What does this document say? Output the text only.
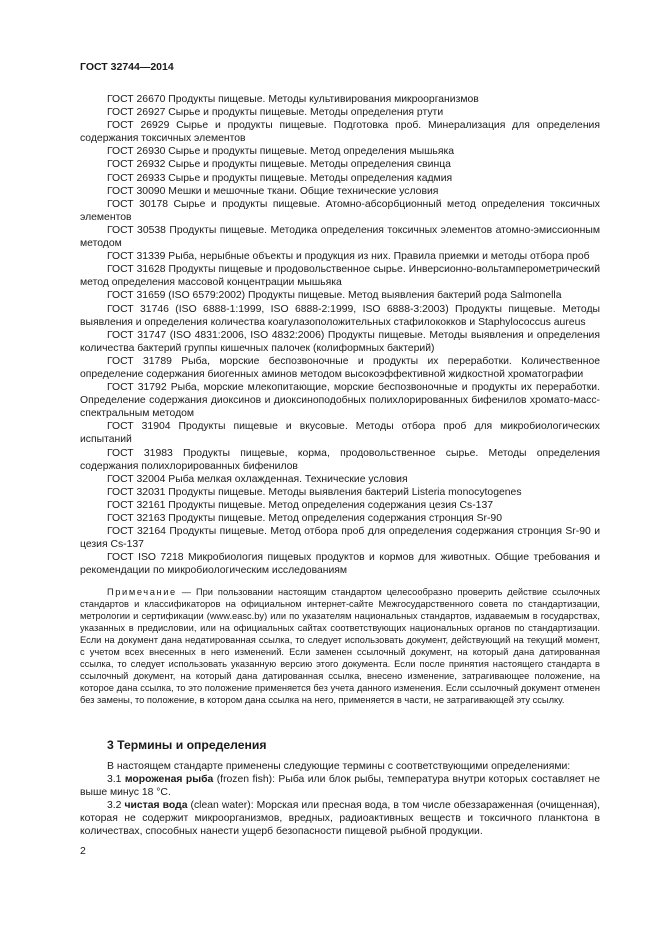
ГОСТ 32744—2014

ГОСТ 26670 Продукты пищевые. Методы культивирования микроорганизмов

ГОСТ 26927 Сырье и продукты пищевые. Методы определения ртути

ГОСТ 26929 Сырье и продукты пищевые. Подготовка проб. Минерализация для определения содержания токсичных элементов

ГОСТ 26930 Сырье и продукты пищевые. Метод определения мышьяка

ГОСТ 26932 Сырье и продукты пищевые. Методы определения свинца

ГОСТ 26933 Сырье и продукты пищевые. Методы определения кадмия

ГОСТ 30090 Мешки и мешочные ткани. Общие технические условия

ГОСТ 30178 Сырье и продукты пищевые. Атомно-абсорбционный метод определения токсичных элементов

ГОСТ 30538 Продукты пищевые. Методика определения токсичных элементов атомно-эмиссионным методом

ГОСТ 31339 Рыба, нерыбные объекты и продукция из них. Правила приемки и методы отбора проб

ГОСТ 31628 Продукты пищевые и продовольственное сырье. Инверсионно-вольтамперометрический метод определения массовой концентрации мышьяка

ГОСТ 31659 (ISO 6579:2002) Продукты пищевые. Метод выявления бактерий рода Salmonella

ГОСТ 31746 (ISO 6888-1:1999, ISO 6888-2:1999, ISO 6888-3:2003) Продукты пищевые. Методы выявления и определения количества коагулазоположительных стафилококков и Staphylococcus aureus

ГОСТ 31747 (ISO 4831:2006, ISO 4832:2006) Продукты пищевые. Методы выявления и определения количества бактерий группы кишечных палочек (колиформных бактерий)

ГОСТ 31789 Рыба, морские беспозвоночные и продукты их переработки. Количественное определение содержания биогенных аминов методом высокоэффективной жидкостной хроматографии

ГОСТ 31792 Рыба, морские млекопитающие, морские беспозвоночные и продукты их переработки. Определение содержания диоксинов и диоксиноподобных полихлорированных бифенилов хромато-масс-спектральным методом

ГОСТ 31904 Продукты пищевые и вкусовые. Методы отбора проб для микробиологических испытаний

ГОСТ 31983 Продукты пищевые, корма, продовольственное сырье. Методы определения содержания полихлорированных бифенилов

ГОСТ 32004 Рыба мелкая охлажденная. Технические условия

ГОСТ 32031 Продукты пищевые. Методы выявления бактерий Listeria monocytogenes

ГОСТ 32161 Продукты пищевые. Метод определения содержания цезия Cs-137

ГОСТ 32163 Продукты пищевые. Метод определения содержания стронция Sr-90

ГОСТ 32164 Продукты пищевые. Метод отбора проб для определения содержания стронция Sr-90 и цезия Cs-137

ГОСТ ISO 7218 Микробиология пищевых продуктов и кормов для животных. Общие требования и рекомендации по микробиологическим исследованиям

Примечание — При пользовании настоящим стандартом целесообразно проверить действие ссылочных стандартов и классификаторов на официальном интернет-сайте Межгосударственного совета по стандартизации, метрологии и сертификации (www.easc.by) или по указателям национальных стандартов, издаваемым в государствах, указанных в предисловии, или на официальных сайтах соответствующих национальных органов по стандартизации. Если на документ дана недатированная ссылка, то следует использовать документ, действующий на текущий момент, с учетом всех внесенных в него изменений. Если заменен ссылочный документ, на который дана датированная ссылка, то следует использовать указанную версию этого документа. Если после принятия настоящего стандарта в ссылочный документ, на который дана датированная ссылка, внесено изменение, затрагивающее положение, на которое дана ссылка, то это положение применяется без учета данного изменения. Если ссылочный документ отменен без замены, то положение, в котором дана ссылка на него, применяется в части, не затрагивающей эту ссылку.

3 Термины и определения

В настоящем стандарте применены следующие термины с соответствующими определениями:

3.1 мороженая рыба (frozen fish): Рыба или блок рыбы, температура внутри которых составляет не выше минус 18 °С.

3.2 чистая вода (clean water): Морская или пресная вода, в том числе обеззараженная (очищенная), которая не содержит микроорганизмов, вредных, радиоактивных веществ и токсичного планктона в количествах, способных нанести ущерб безопасности пищевой рыбной продукции.

2
